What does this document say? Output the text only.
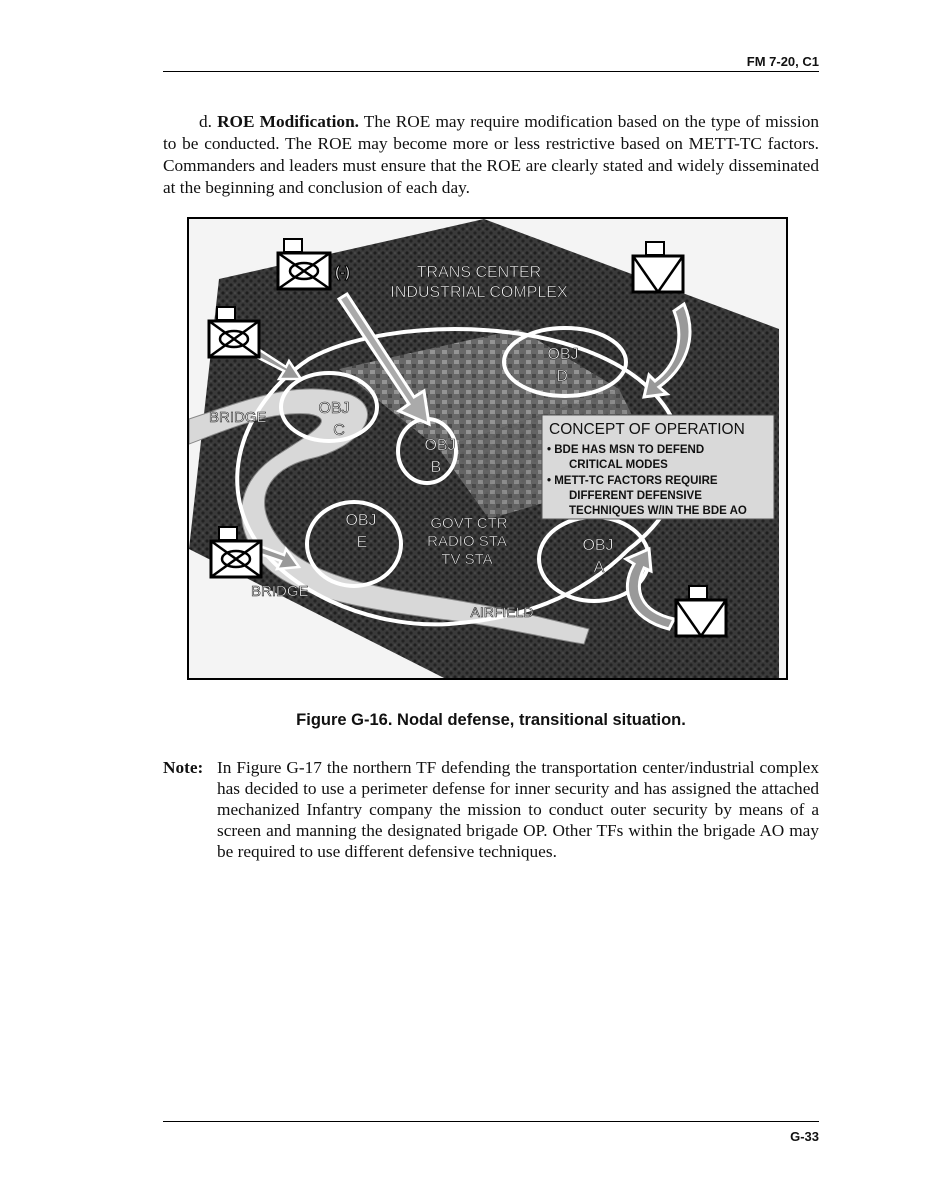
FM 7-20, C1
d. ROE Modification. The ROE may require modification based on the type of mission to be conducted. The ROE may become more or less restrictive based on METT-TC factors. Commanders and leaders must ensure that the ROE are clearly stated and widely disseminated at the beginning and conclusion of each day.
(-)	TRANS CENTER
INDUSTRIAL COMPLEX
BRIDGE
BRIDGE
GOVT CTR
RADIO STA
TV STA
AIRFIELD
OBJ
C
OBJ
B
OBJ
D
OBJ
E	OBJ
A
CONCEPT OF OPERATION
• BDE HAS MSN TO DEFEND
CRITICAL MODES
• METT-TC FACTORS REQUIRE
DIFFERENT DEFENSIVE
TECHNIQUES W/IN THE BDE AO
Figure G-16. Nodal defense, transitional situation.
Note: In Figure G-17 the northern TF defending the transportation center/industrial complex has decided to use a perimeter defense for inner security and has assigned the attached mechanized Infantry company the mission to conduct outer security by means of a screen and manning the designated brigade OP. Other TFs within the brigade AO may be required to use different defensive techniques.
G-33
